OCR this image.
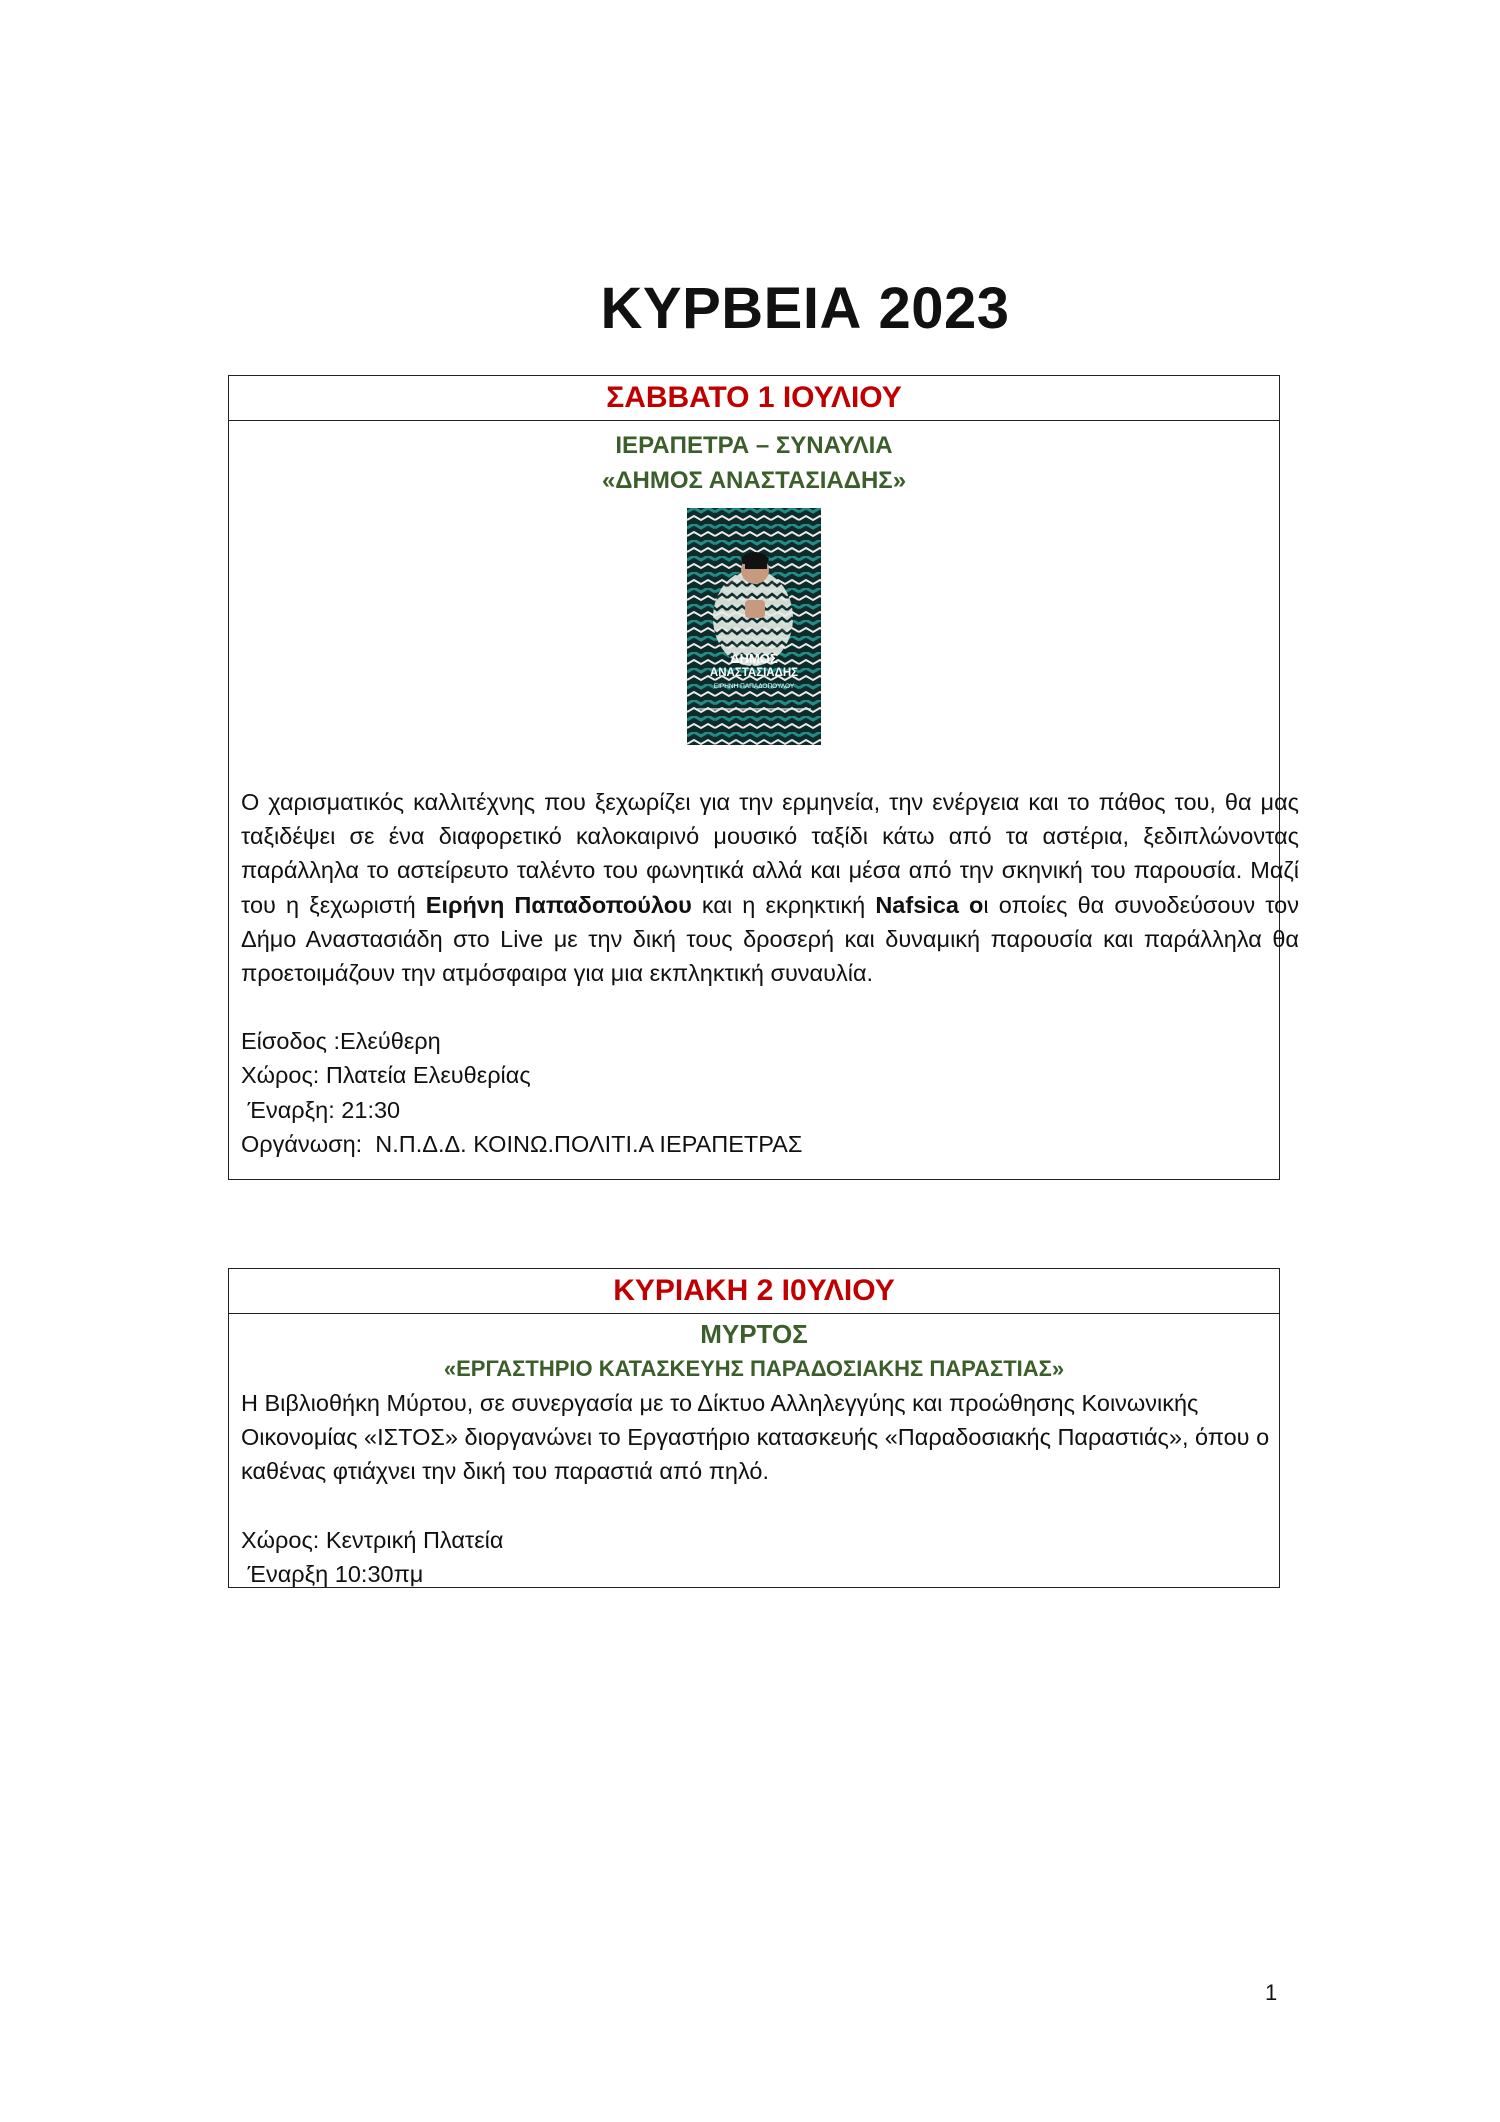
ΚΥΡΒΕΙΑ 2023
ΣΑΒΒΑΤΟ 1 ΙΟΥΛΙΟΥ
ΙΕΡΑΠΕΤΡΑ – ΣΥΝΑΥΛΙΑ
«ΔΗΜΟΣ ΑΝΑΣΤΑΣΙΑΔΗΣ»
ΔΗΜΟΣ
ΑΝΑΣΤΑΣΙΑΔΗΣ
ΕΙΡΗΝΗ ΠΑΠΑΔΟΠΟΥΛΟΥ

Ο χαρισματικός καλλιτέχνης που ξεχωρίζει για την ερμηνεία, την ενέργεια και το πάθος του, θα μας ταξιδέψει σε ένα διαφορετικό καλοκαιρινό μουσικό ταξίδι κάτω από τα αστέρια, ξεδιπλώνοντας παράλληλα το αστείρευτο ταλέντο του φωνητικά αλλά και μέσα από την σκηνική του παρουσία. Μαζί του η ξεχωριστή Ειρήνη Παπαδοπούλου και η εκρηκτική Nafsica οι οποίες θα συνοδεύσουν τον Δήμο Αναστασιάδη στο Live με την δική τους δροσερή και δυναμική παρουσία και παράλληλα θα προετοιμάζουν την ατμόσφαιρα για μια εκπληκτική συναυλία.

Είσοδος :Ελεύθερη
Χώρος: Πλατεία Ελευθερίας
Έναρξη: 21:30
Οργάνωση:  Ν.Π.Δ.Δ. ΚΟΙΝΩ.ΠΟΛΙΤΙ.Α ΙΕΡΑΠΕΤΡΑΣ
ΚΥΡΙΑΚΗ 2 Ι0ΥΛΙΟΥ
ΜΥΡΤΟΣ
«ΕΡΓΑΣΤΗΡΙΟ ΚΑΤΑΣΚΕΥΗΣ ΠΑΡΑΔΟΣΙΑΚΗΣ ΠΑΡΑΣΤΙΑΣ»
Η Βιβλιοθήκη Μύρτου, σε συνεργασία με το Δίκτυο Αλληλεγγύης και προώθησης Κοινωνικής Οικονομίας «ΙΣΤΟΣ» διοργανώνει το Εργαστήριο κατασκευής «Παραδοσιακής Παραστιάς», όπου ο καθένας φτιάχνει την δική του παραστιά από πηλό.
Χώρος: Κεντρική Πλατεία
Έναρξη 10:30πμ
1
